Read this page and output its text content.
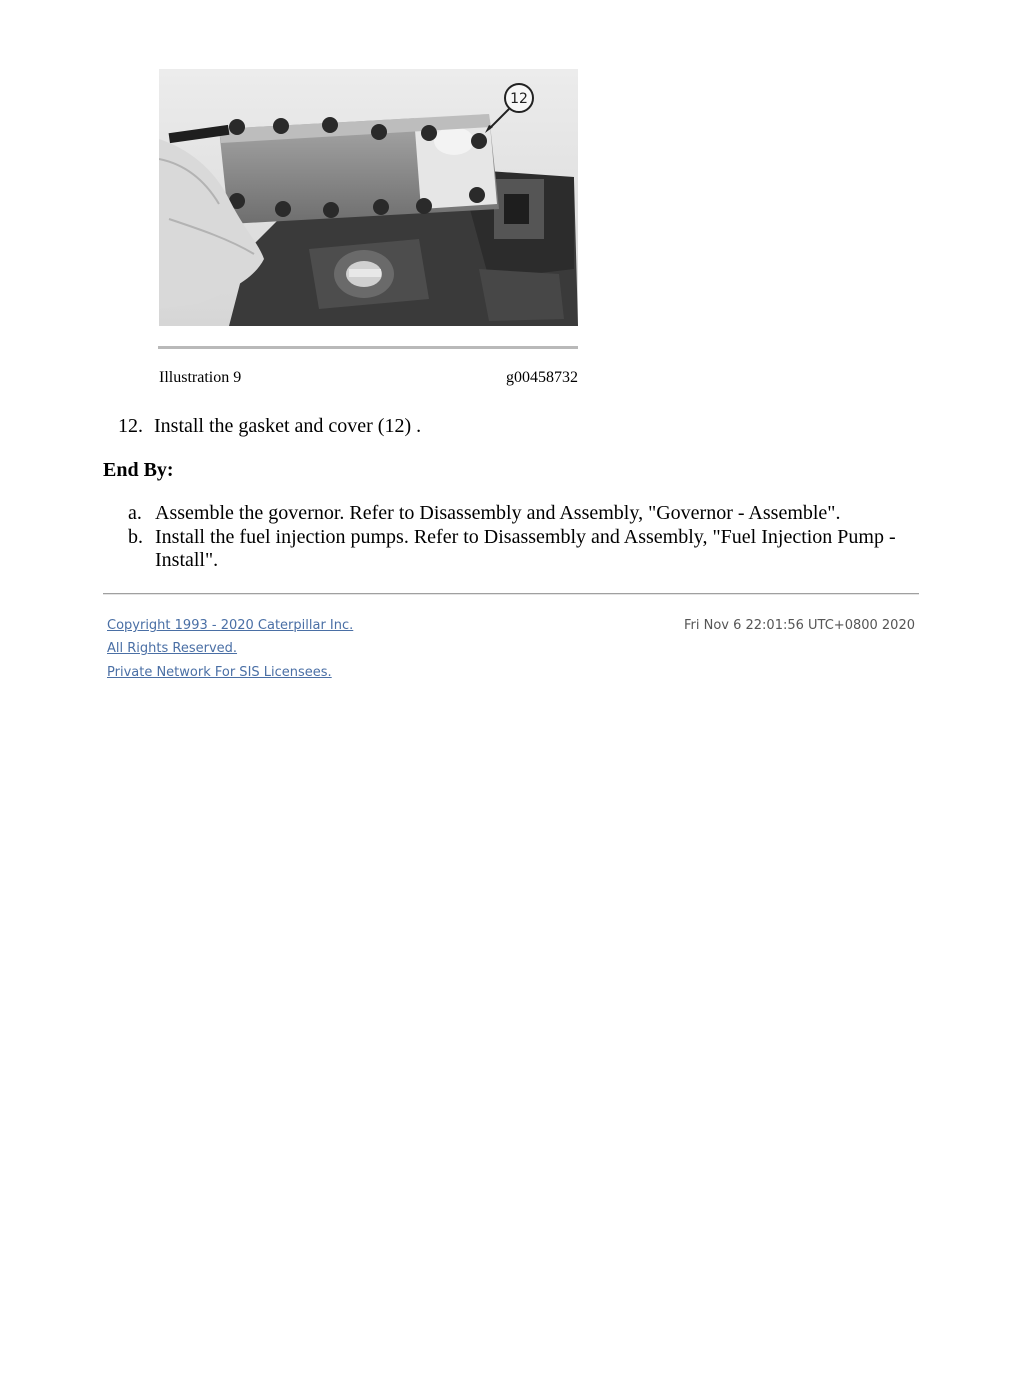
12
Illustration 9	g00458732
12. Install the gasket and cover (12) .
End By:
a. Assemble the governor. Refer to Disassembly and Assembly, "Governor - Assemble".
b. Install the fuel injection pumps. Refer to Disassembly and Assembly, "Fuel Injection Pump - Install".
Copyright 1993 - 2020 Caterpillar Inc.
All Rights Reserved.
Private Network For SIS Licensees.
Fri Nov 6 22:01:56 UTC+0800 2020
